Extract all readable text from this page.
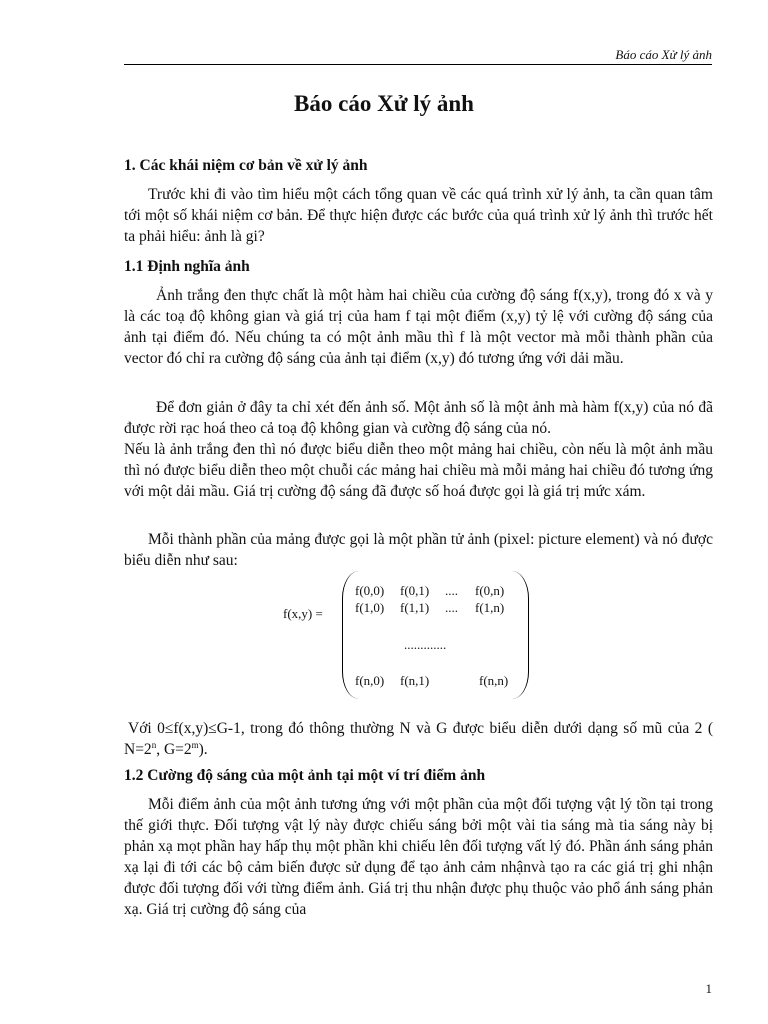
Báo cáo Xử lý ảnh
Báo cáo Xử lý ảnh
1. Các khái niệm cơ bản về xử lý ảnh
Trước khi đi vào tìm hiểu một cách tổng quan về các quá trình xử lý ảnh, ta cần quan tâm tới một số khái niệm cơ bản. Để thực hiện được các bước của quá trình xử lý ảnh thì trước hết ta phải hiểu: ảnh là gi?
1.1 Định nghĩa ảnh
Ảnh trắng đen thực chất là một hàm hai chiều của cường độ sáng f(x,y), trong đó x và y là các toạ độ không gian và giá trị của ham f tại một điểm (x,y) tỷ lệ với cường độ sáng của ảnh tại điểm đó. Nếu chúng ta có một ảnh mầu thì f là một vector mà mỗi thành phần của vector đó chỉ ra cường độ sáng của ảnh tại điểm (x,y) đó tương ứng với dải mầu.
Để đơn giản ở đây ta chỉ xét đến ảnh số. Một ảnh số là một ảnh mà hàm f(x,y) của nó đã được rời rạc hoá theo cả toạ độ không gian và cường độ sáng của nó.
Nếu là ảnh trắng đen thì nó được biểu diễn theo một mảng hai chiều, còn nếu là một ảnh mầu thì nó được biểu diễn theo một chuỗi các mảng hai chiều mà mỗi mảng hai chiều đó tương ứng với một dải mầu. Giá trị cường độ sáng đã được số hoá được gọi là giá trị mức xám.
Mỗi thành phần của mảng được gọi là một phần tử ảnh (pixel: picture element) và nó được biểu diễn như sau:
f(x,y) =
f(0,0) f(0,1) .... f(0,n)
f(1,0) f(1,1) .... f(1,n)
.............
f(n,0) f(n,1)	f(n,n)
Với 0≤f(x,y)≤G-1, trong đó thông thường N và G được biểu diễn dưới dạng số mũ của 2 ( $N=2^n$, $G=2^m$).
1.2 Cường độ sáng của một ảnh tại một ví trí điểm ảnh
Mỗi điểm ảnh của một ảnh tương ứng với một phần của một đối tượng vật lý tồn tại trong thế giới thực. Đối tượng vật lý này được chiếu sáng bởi một vài tia sáng mà tia sáng này bị phản xạ mọt phần hay hấp thụ một phần khi chiếu lên đối tượng vất lý đó. Phần ánh sáng phản xạ lại đi tới các bộ cảm biến được sử dụng để tạo ảnh cảm nhậnvà tạo ra các giá trị ghi nhận được đối tượng đối với từng điểm ảnh. Giá trị thu nhận được phụ thuộc vảo phổ ánh sáng phản xạ. Giá trị cường độ sáng của
1
